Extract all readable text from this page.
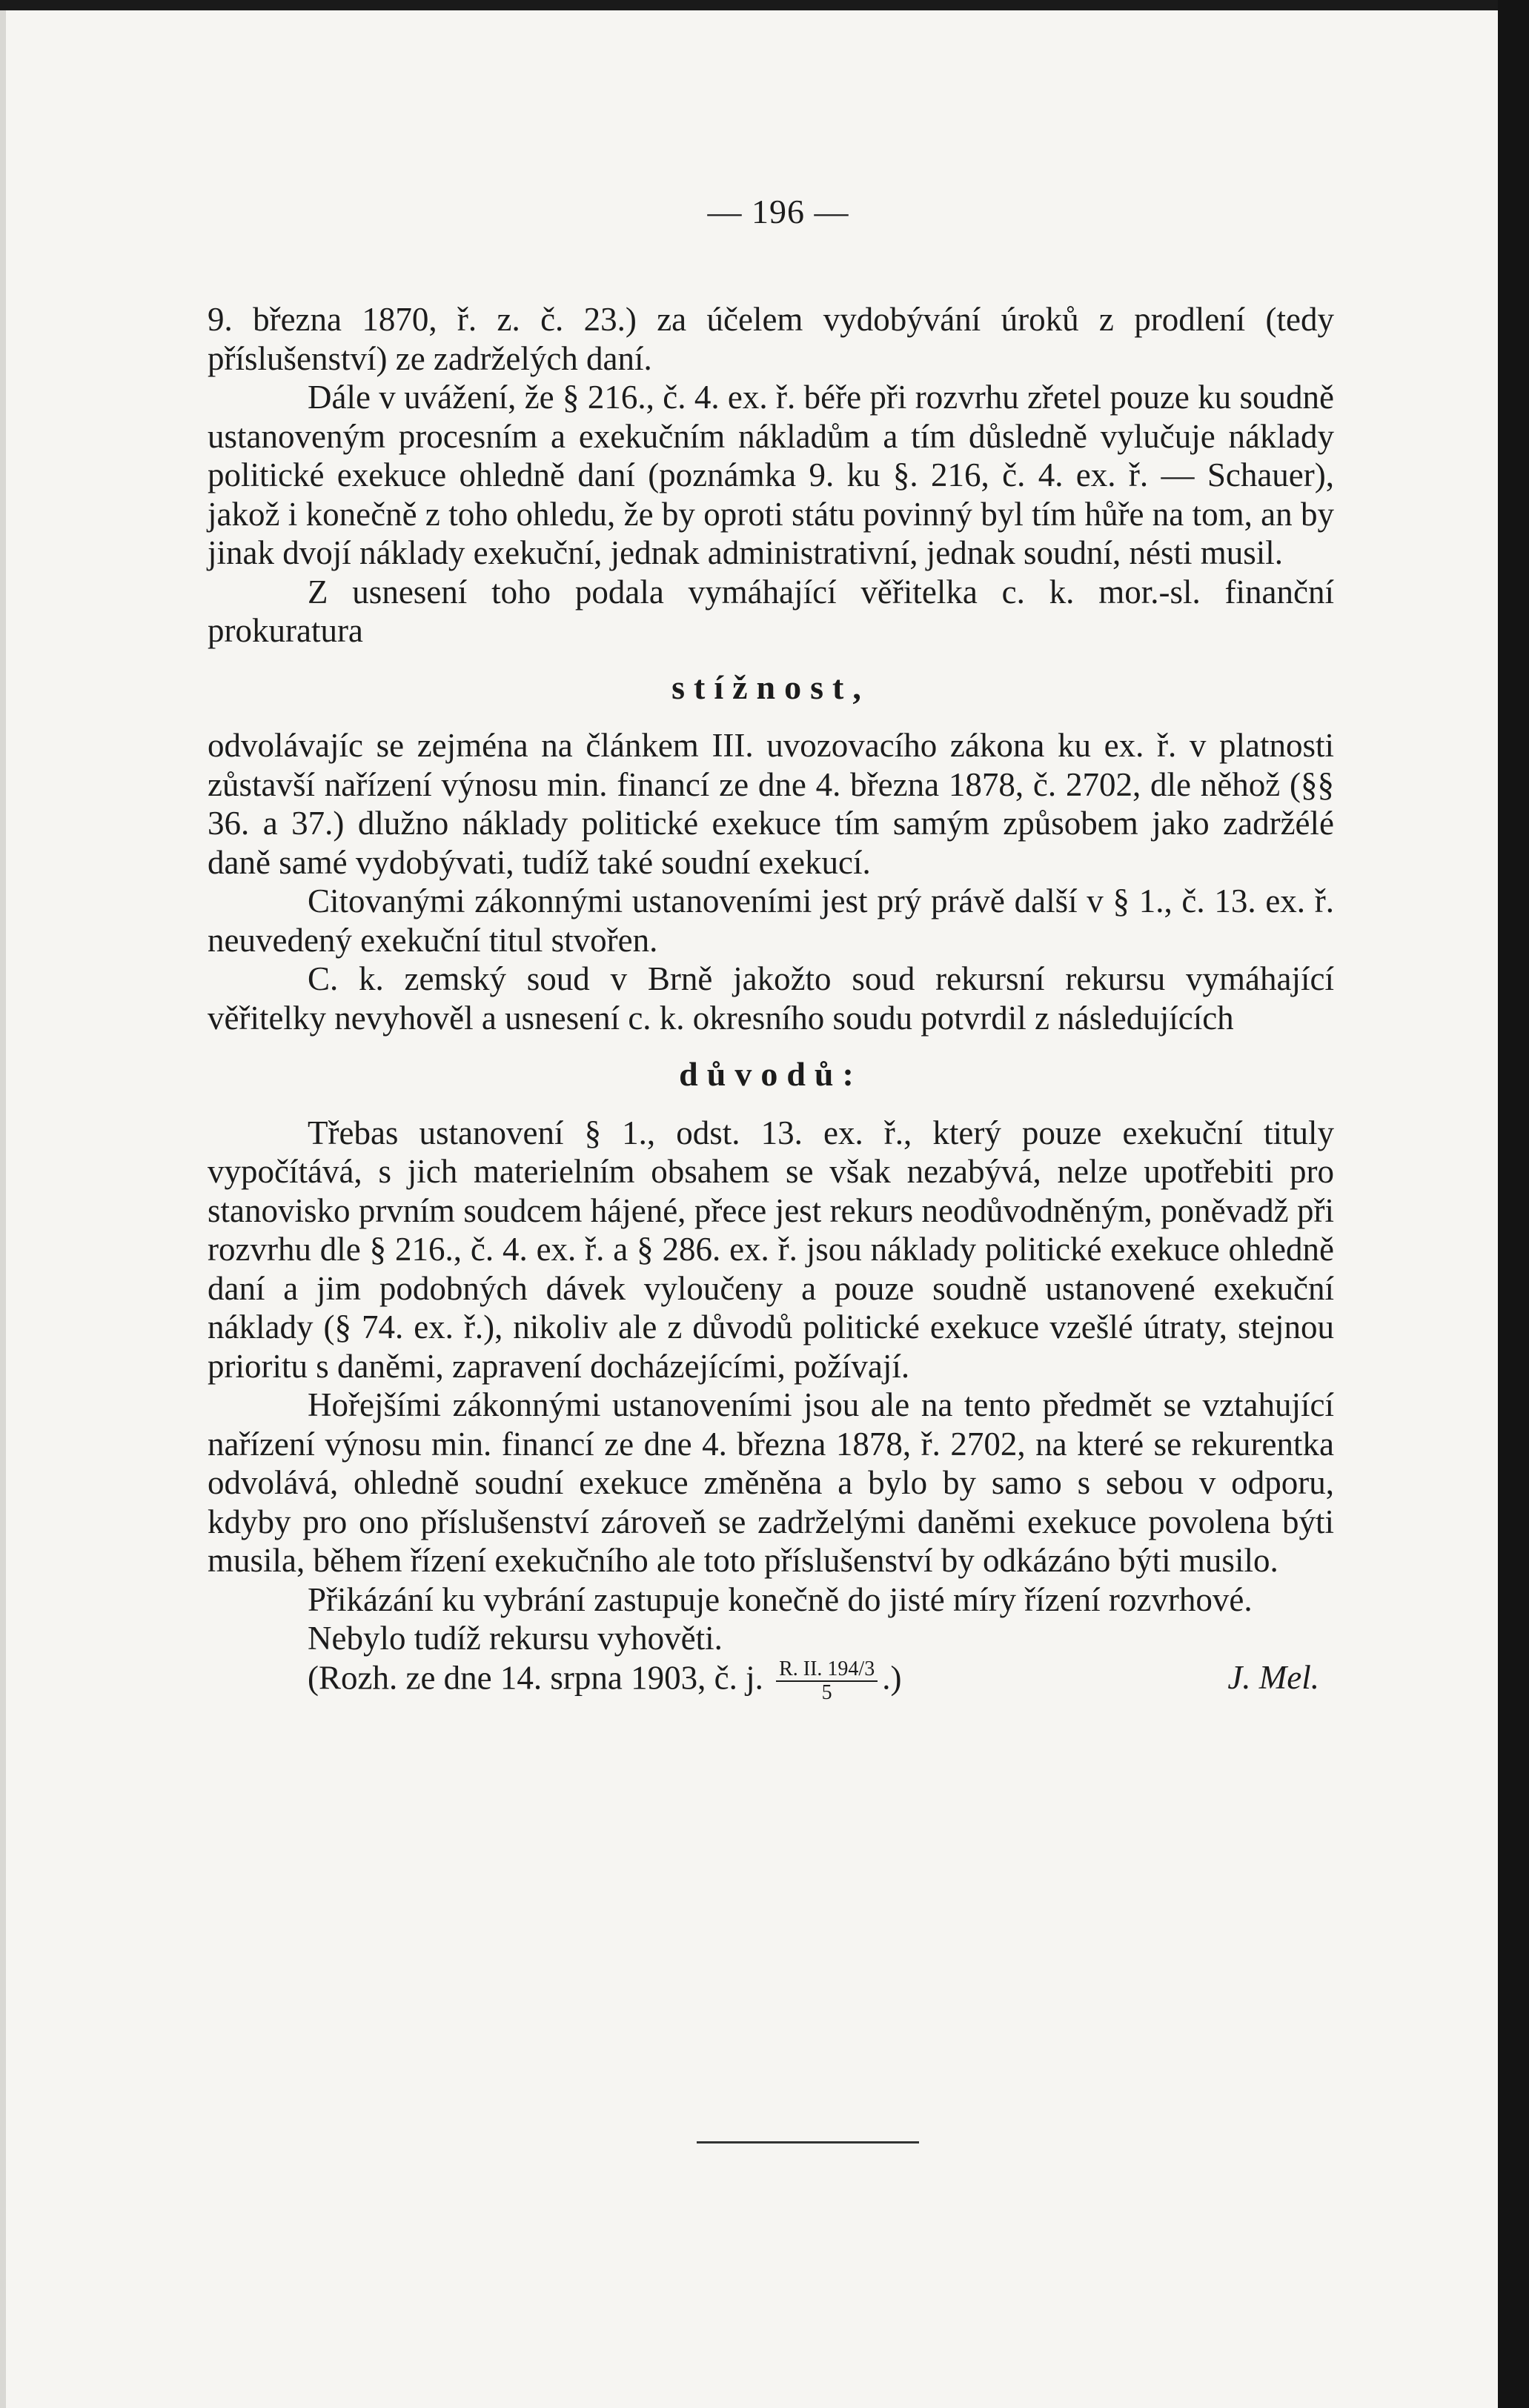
— 196 —

9. března 1870, ř. z. č. 23.) za účelem vydobývání úroků z prodlení (tedy příslušenství) ze zadrželých daní.

Dále v uvážení, že § 216., č. 4. ex. ř. béře při rozvrhu zřetel pouze ku soudně ustanoveným procesním a exekučním nákladům a tím důsledně vylučuje náklady politické exekuce ohledně daní (poznámka 9. ku §. 216, č. 4. ex. ř. — Schauer), jakož i konečně z toho ohledu, že by oproti státu povinný byl tím hůře na tom, an by jinak dvojí náklady exekuční, jednak administrativní, jednak soudní, nésti musil.

Z usnesení toho podala vymáhající věřitelka c. k. mor.-sl. finanční prokuratura

stížnost,

odvolávajíc se zejména na článkem III. uvozovacího zákona ku ex. ř. v platnosti zůstavší nařízení výnosu min. financí ze dne 4. března 1878, č. 2702, dle něhož (§§ 36. a 37.) dlužno náklady politické exekuce tím samým způsobem jako zadržélé daně samé vydobývati, tudíž také soudní exekucí.

Citovanými zákonnými ustanoveními jest prý právě další v § 1., č. 13. ex. ř. neuvedený exekuční titul stvořen.

C. k. zemský soud v Brně jakožto soud rekursní rekursu vymáhající věřitelky nevyhověl a usnesení c. k. okresního soudu potvrdil z následujících

důvodů:

Třebas ustanovení § 1., odst. 13. ex. ř., který pouze exekuční tituly vypočítává, s jich materielním obsahem se však nezabývá, nelze upotřebiti pro stanovisko prvním soudcem hájené, přece jest rekurs neodůvodněným, poněvadž při rozvrhu dle § 216., č. 4. ex. ř. a § 286. ex. ř. jsou náklady politické exekuce ohledně daní a jim podobných dávek vyloučeny a pouze soudně ustanovené exekuční náklady (§ 74. ex. ř.), nikoliv ale z důvodů politické exekuce vzešlé útraty, stejnou prioritu s daněmi, zapravení docházejícími, požívají.

Hořejšími zákonnými ustanoveními jsou ale na tento předmět se vztahující nařízení výnosu min. financí ze dne 4. března 1878, ř. 2702, na které se rekurentka odvolává, ohledně soudní exekuce změněna a bylo by samo s sebou v odporu, kdyby pro ono příslušenství zároveň se zadrželými daněmi exekuce povolena býti musila, během řízení exekučního ale toto příslušenství by odkázáno býti musilo.

Přikázání ku vybrání zastupuje konečně do jisté míry řízení rozvrhové.

Nebylo tudíž rekursu vyhověti.

(Rozh. ze dne 14. srpna 1903, č. j. $\frac{R. II. 194/3}{5}$ .)	J. Mel.
